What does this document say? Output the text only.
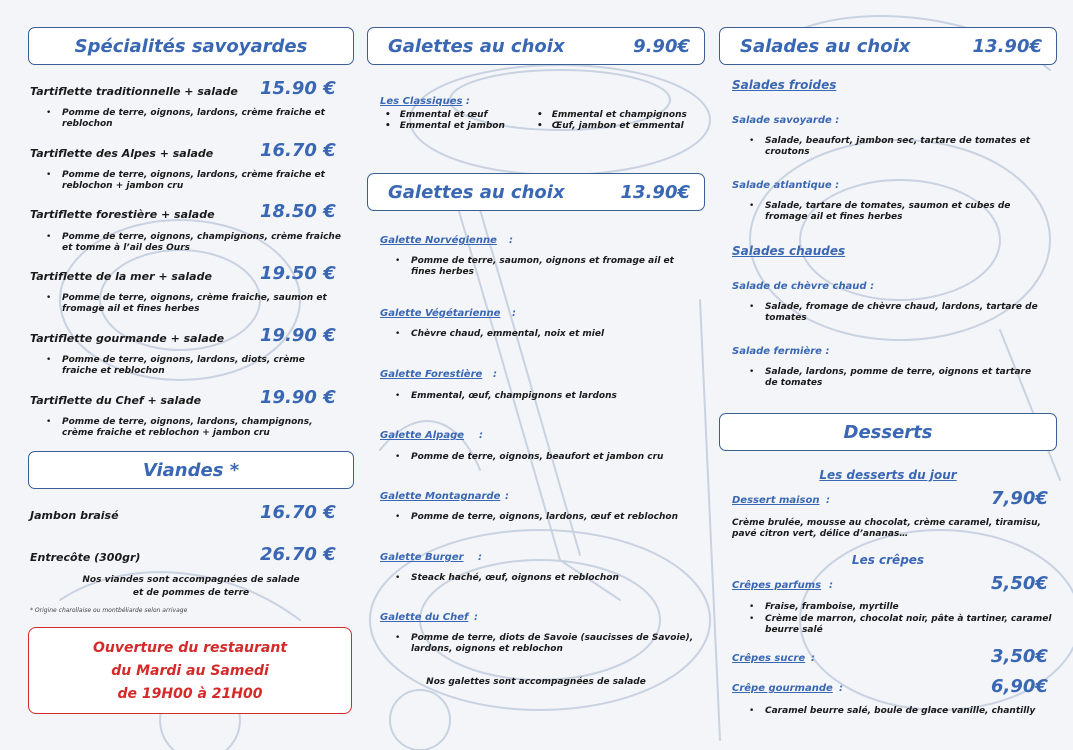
Spécialités savoyardes
Tartiflette traditionnelle + salade 15.90 €
• Pomme de terre, oignons, lardons, crème fraiche et reblochon
Tartiflette des Alpes + salade	16.70 €
• Pomme de terre, oignons, lardons, crème fraiche et reblochon + jambon cru
Tartiflette forestière + salade	18.50 €
• Pomme de terre, oignons, champignons, crème fraiche et tomme à l’ail des Ours
Tartiflette de la mer + salade	19.50 €
• Pomme de terre, oignons, crème fraiche, saumon et fromage ail et fines herbes
Tartiflette gourmande + salade 19.90 €
• Pomme de terre, oignons, lardons, diots, crème fraiche et reblochon
Tartiflette du Chef + salade	19.90 €
• Pomme de terre, oignons, lardons, champignons, crème fraiche et reblochon + jambon cru
Viandes *
Jambon braisé	16.70 €
Entrecôte (300gr)	26.70 €
Nos viandes sont accompagnées de salade
et de pommes de terre
* Origine charollaise ou montbéliarde selon arrivage
Ouverture du restaurant
du Mardi au Samedi
de 19H00 à 21H00
Galettes au choix	9.90€
Les Classiques :
• Emmental et œuf
• Emmental et jambon
• Emmental et champignons
• Œuf, jambon et emmental
Galettes au choix	13.90€
Galette Norvégienne :
• Pomme de terre, saumon, oignons et fromage ail et fines herbes
Galette Végétarienne :
• Chèvre chaud, emmental, noix et miel
Galette Forestière :
• Emmental, œuf, champignons et lardons
Galette Alpage :
• Pomme de terre, oignons, beaufort et jambon cru
Galette Montagnarde :
• Pomme de terre, oignons, lardons, œuf et reblochon
Galette Burger :
• Steack haché, œuf, oignons et reblochon
Galette du Chef :
• Pomme de terre, diots de Savoie (saucisses de Savoie), lardons, oignons et reblochon
Nos galettes sont accompagnées de salade
Salades au choix	13.90€
Salades froides
Salade savoyarde :
• Salade, beaufort, jambon sec, tartare de tomates et croutons
Salade atlantique :
• Salade, tartare de tomates, saumon et cubes de fromage ail et fines herbes
Salades chaudes
Salade de chèvre chaud :
• Salade, fromage de chèvre chaud, lardons, tartare de tomates
Salade fermière :
• Salade, lardons, pomme de terre, oignons et tartare de tomates
Desserts
Les desserts du jour
Dessert maison :	7,90€
Crème brulée, mousse au chocolat, crème caramel, tiramisu, pavé citron vert, délice d’ananas…
Les crêpes
Crêpes parfums :	5,50€
• Fraise, framboise, myrtille
• Crème de marron, chocolat noir, pâte à tartiner, caramel beurre salé
Crêpes sucre :	3,50€
Crêpe gourmande :	6,90€
• Caramel beurre salé, boule de glace vanille, chantilly
